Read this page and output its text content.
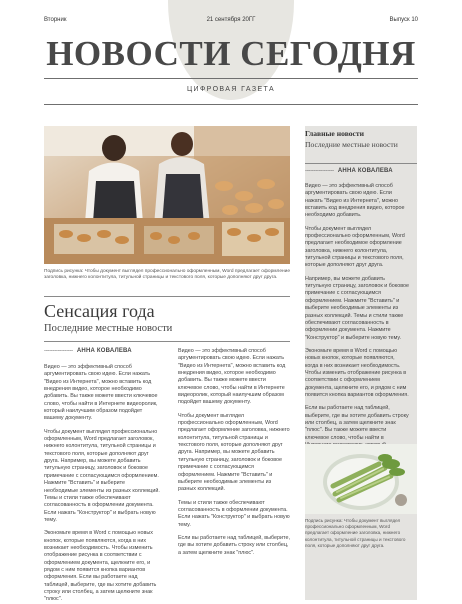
Вторник	21 сентября 20ГГ	Выпуск 10
НОВОСТИ СЕГОДНЯ
ЦИФРОВАЯ ГАЗЕТА
Подпись рисунка: Чтобы документ выглядел профессионально оформленным, Word предлагает оформление заголовка, нижнего колонтитула, титульной страницы и текстового поля, которые дополняют друг друга.
Сенсация года
Последние местные новости
----------------- АННА КОВАЛЕВА

Видео — это эффективный способ аргументировать свою идею. Если нажать "Видео из Интернета", можно вставить код внедрения видео, которое необходимо добавить. Вы также можете ввести ключевое слово, чтобы найти в Интернете видеоролик, который наилучшим образом подойдет вашему документу.

Чтобы документ выглядел профессионально оформленным, Word предлагает заголовок, нижнего колонтитула, титульной страницы и текстового поля, которые дополняют друг друга. Например, вы можете добавить титульную страницу, заголовок и боковое примечание с согласующимся оформлением. Нажмите "Вставить" и выберите необходимые элементы из разных коллекций. Темы и стили также обеспечивают согласованность в оформлении документа. Если нажать "Конструктор" и выбрать новую тему.

Экономьте время в Word с помощью новых кнопок, которые появляются, когда в них возникает необходимость. Чтобы изменить отображение рисунка в соответствии с оформлением документа, щелкните его, и рядом с ним появится кнопка вариантов оформления. Если вы работаете над таблицей, выберите, где вы хотите добавить строку или столбец, а затем щелкните знак "плюс".

Видео — это эффективный способ аргументировать свою идею. Если нажать "Видео из Интернета", можно вставить код внедрения видео, которое необходимо добавить. Вы также можете ввести ключевое слово, чтобы найти в Интернете видеоролик, который наилучшим образом подойдет вашему документу.

Чтобы документ выглядел профессионально оформленным, Word предлагает оформление заголовка, нижнего колонтитула, титульной страницы и текстового поля, которые дополняют друг друга. Например, вы можете добавить титульную страницу, заголовок и боковое примечание с согласующимся оформлением. Нажмите "Вставить" и выберите необходимые элементы из разных коллекций.

Темы и стили также обеспечивают согласованность в оформлении документа. Если нажать "Конструктор" и выбрать новую тему.

Если вы работаете над таблицей, выберите, где вы хотите добавить строку или столбец, а затем щелкните знак "плюс".

Главные новости
Последние местные новости
----------------- АННА КОВАЛЕВА

Видео — это эффективный способ аргументировать свою идею. Если нажать "Видео из Интернета", можно вставить код внедрения видео, которое необходимо добавить.

Чтобы документ выглядел профессионально оформленным, Word предлагает необходимое оформление заголовка, нижнего колонтитула, титульной страницы и текстового поля, которые дополняют друг друга.

Например, вы можете добавить титульную страницу, заголовок и боковое примечание с согласующимся оформлением. Нажмите "Вставить" и выберите необходимые элементы из разных коллекций. Темы и стили также обеспечивают согласованность в оформлении документа. Нажмите "Конструктор" и выберите новую тему.

Экономьте время в Word с помощью новых кнопок, которые появляются, когда в них возникает необходимость. Чтобы изменить отображение рисунка в соответствии с оформлением документа, щелкните его, и рядом с ним появится кнопка вариантов оформления.

Если вы работаете над таблицей, выберите, где вы хотите добавить строку или столбец, а затем щелкните знак "плюс". Вы также можете ввести ключевое слово, чтобы найти в

Подпись рисунка: Чтобы документ выглядел профессионально оформленным, Word предлагает оформление заголовка, нижнего колонтитула, титульной страницы и текстового поля, которые дополняют друг друга.
